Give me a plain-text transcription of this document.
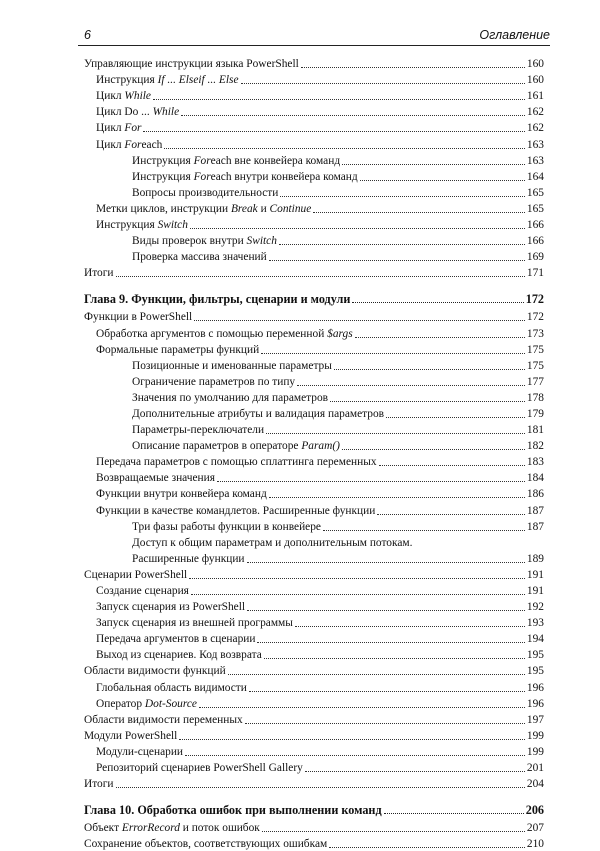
6	Оглавление
Управляющие инструкции языка PowerShell	160
Инструкция If ... Elseif ... Else	160
Цикл While	161
Цикл Do ... While	162
Цикл For	162
Цикл Foreach	163
Инструкция Foreach вне конвейера команд	163
Инструкция Foreach внутри конвейера команд	164
Вопросы производительности	165
Метки циклов, инструкции Break и Continue	165
Инструкция Switch	166
Виды проверок внутри Switch	166
Проверка массива значений	169
Итоги	171
Глава 9. Функции, фильтры, сценарии и модули	172
Функции в PowerShell	172
Обработка аргументов с помощью переменной $args	173
Формальные параметры функций	175
Позиционные и именованные параметры	175
Ограничение параметров по типу	177
Значения по умолчанию для параметров	178
Дополнительные атрибуты и валидация параметров	179
Параметры-переключатели	181
Описание параметров в операторе Param()	182
Передача параметров с помощью сплаттинга переменных	183
Возвращаемые значения	184
Функции внутри конвейера команд	186
Функции в качестве командлетов. Расширенные функции	187
Три фазы работы функции в конвейере	187
Доступ к общим параметрам и дополнительным потокам.
Расширенные функции	189
Сценарии PowerShell	191
Создание сценария	191
Запуск сценария из PowerShell	192
Запуск сценария из внешней программы	193
Передача аргументов в сценарии	194
Выход из сценариев. Код возврата	195
Области видимости функций	195
Глобальная область видимости	196
Оператор Dot-Source	196
Области видимости переменных	197
Модули PowerShell	199
Модули-сценарии	199
Репозиторий сценариев PowerShell Gallery	201
Итоги	204
Глава 10. Обработка ошибок при выполнении команд	206
Объект ErrorRecord и поток ошибок	207
Сохранение объектов, соответствующих ошибкам	210
